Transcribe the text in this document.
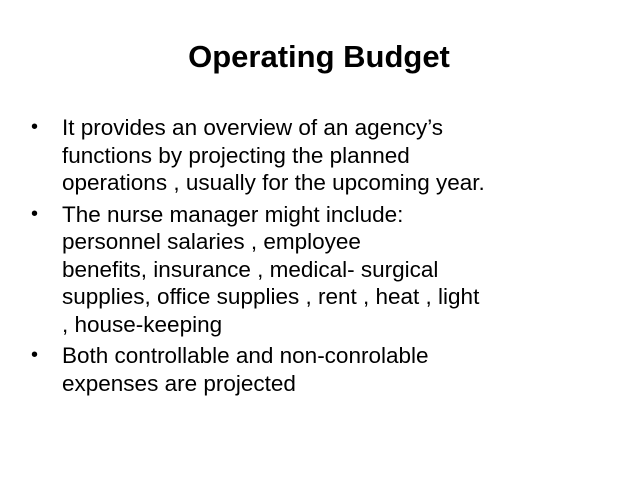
Operating Budget
•	It provides an overview of an agency’s
functions by projecting the planned
operations , usually for the upcoming year.
•	The nurse manager might include:
personnel salaries , employee
benefits, insurance , medical- surgical
supplies, office supplies , rent , heat , light
, house-keeping
•	Both controllable and non-conrolable
expenses are projected
